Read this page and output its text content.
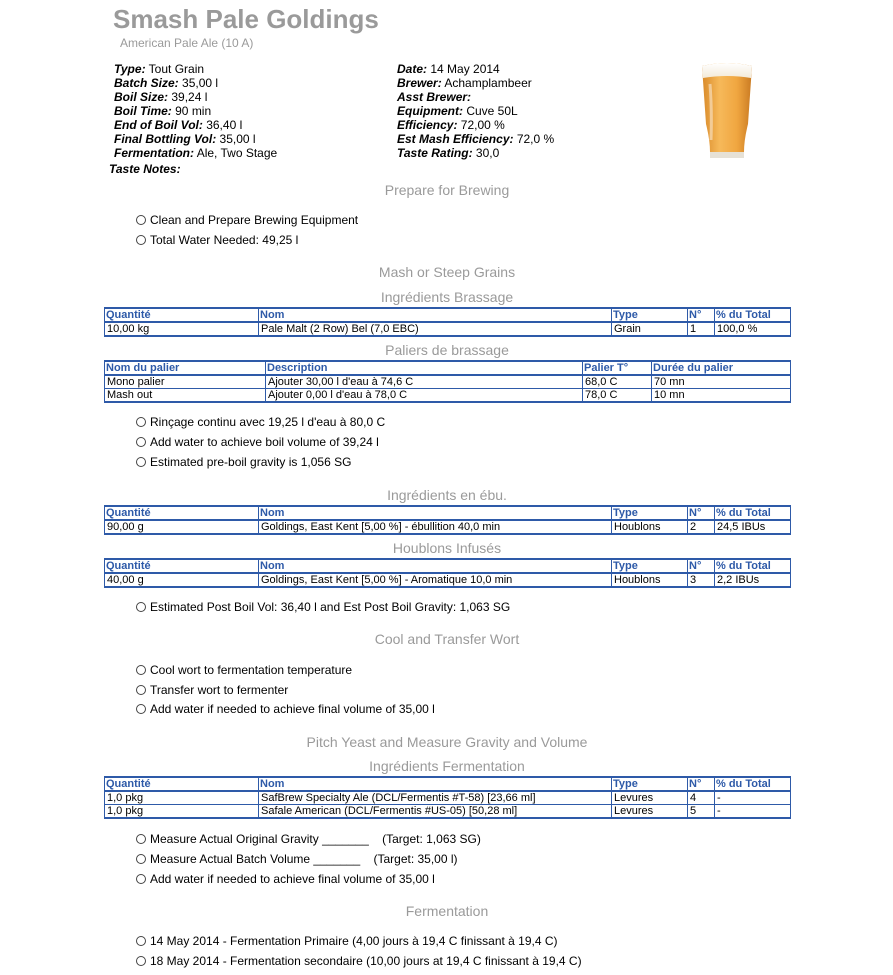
Smash Pale Goldings
American Pale Ale (10 A)
Type: Tout Grain
Batch Size: 35,00 l
Boil Size: 39,24 l
Boil Time: 90 min
End of Boil Vol: 36,40 l
Final Bottling Vol: 35,00 l
Fermentation: Ale, Two Stage
Date: 14 May 2014
Brewer: Achamplambeer
Asst Brewer:
Equipment: Cuve 50L
Efficiency: 72,00 %
Est Mash Efficiency: 72,0 %
Taste Rating: 30,0
Taste Notes:
Prepare for Brewing
Clean and Prepare Brewing Equipment
Total Water Needed: 49,25 l
Mash or Steep Grains
Ingrédients Brassage
Quantité	Nom	Type	N°	% du Total
10,00 kg	Pale Malt (2 Row) Bel (7,0 EBC)	Grain	1	100,0 %
Paliers de brassage
Nom du palier	Description	Palier T°	Durée du palier
Mono palier	Ajouter 30,00 l d'eau à 74,6 C	68,0 C	70 mn
Mash out	Ajouter 0,00 l d'eau à 78,0 C	78,0 C	10 mn
Rinçage continu avec 19,25 l d'eau à 80,0 C
Add water to achieve boil volume of 39,24 l
Estimated pre-boil gravity is 1,056 SG
Ingrédients en ébu.
Quantité	Nom	Type	N°	% du Total
90,00 g	Goldings, East Kent [5,00 %] - ébullition 40,0 min	Houblons	2	24,5 IBUs
Houblons Infusés
Quantité	Nom	Type	N°	% du Total
40,00 g	Goldings, East Kent [5,00 %] - Aromatique 10,0 min	Houblons	3	2,2 IBUs
Estimated Post Boil Vol: 36,40 l and Est Post Boil Gravity: 1,063 SG
Cool and Transfer Wort
Cool wort to fermentation temperature
Transfer wort to fermenter
Add water if needed to achieve final volume of 35,00 l
Pitch Yeast and Measure Gravity and Volume
Ingrédients Fermentation
Quantité	Nom	Type	N°	% du Total
1,0 pkg	SafBrew Specialty Ale (DCL/Fermentis #T-58) [23,66 ml]	Levures	4	-
1,0 pkg	Safale American (DCL/Fermentis #US-05) [50,28 ml]	Levures	5	-
Measure Actual Original Gravity _______    (Target: 1,063 SG)
Measure Actual Batch Volume _______    (Target: 35,00 l)
Add water if needed to achieve final volume of 35,00 l
Fermentation
14 May 2014 - Fermentation Primaire (4,00 jours à 19,4 C finissant à 19,4 C)
18 May 2014 - Fermentation secondaire (10,00 jours at 19,4 C finissant à 19,4 C)
